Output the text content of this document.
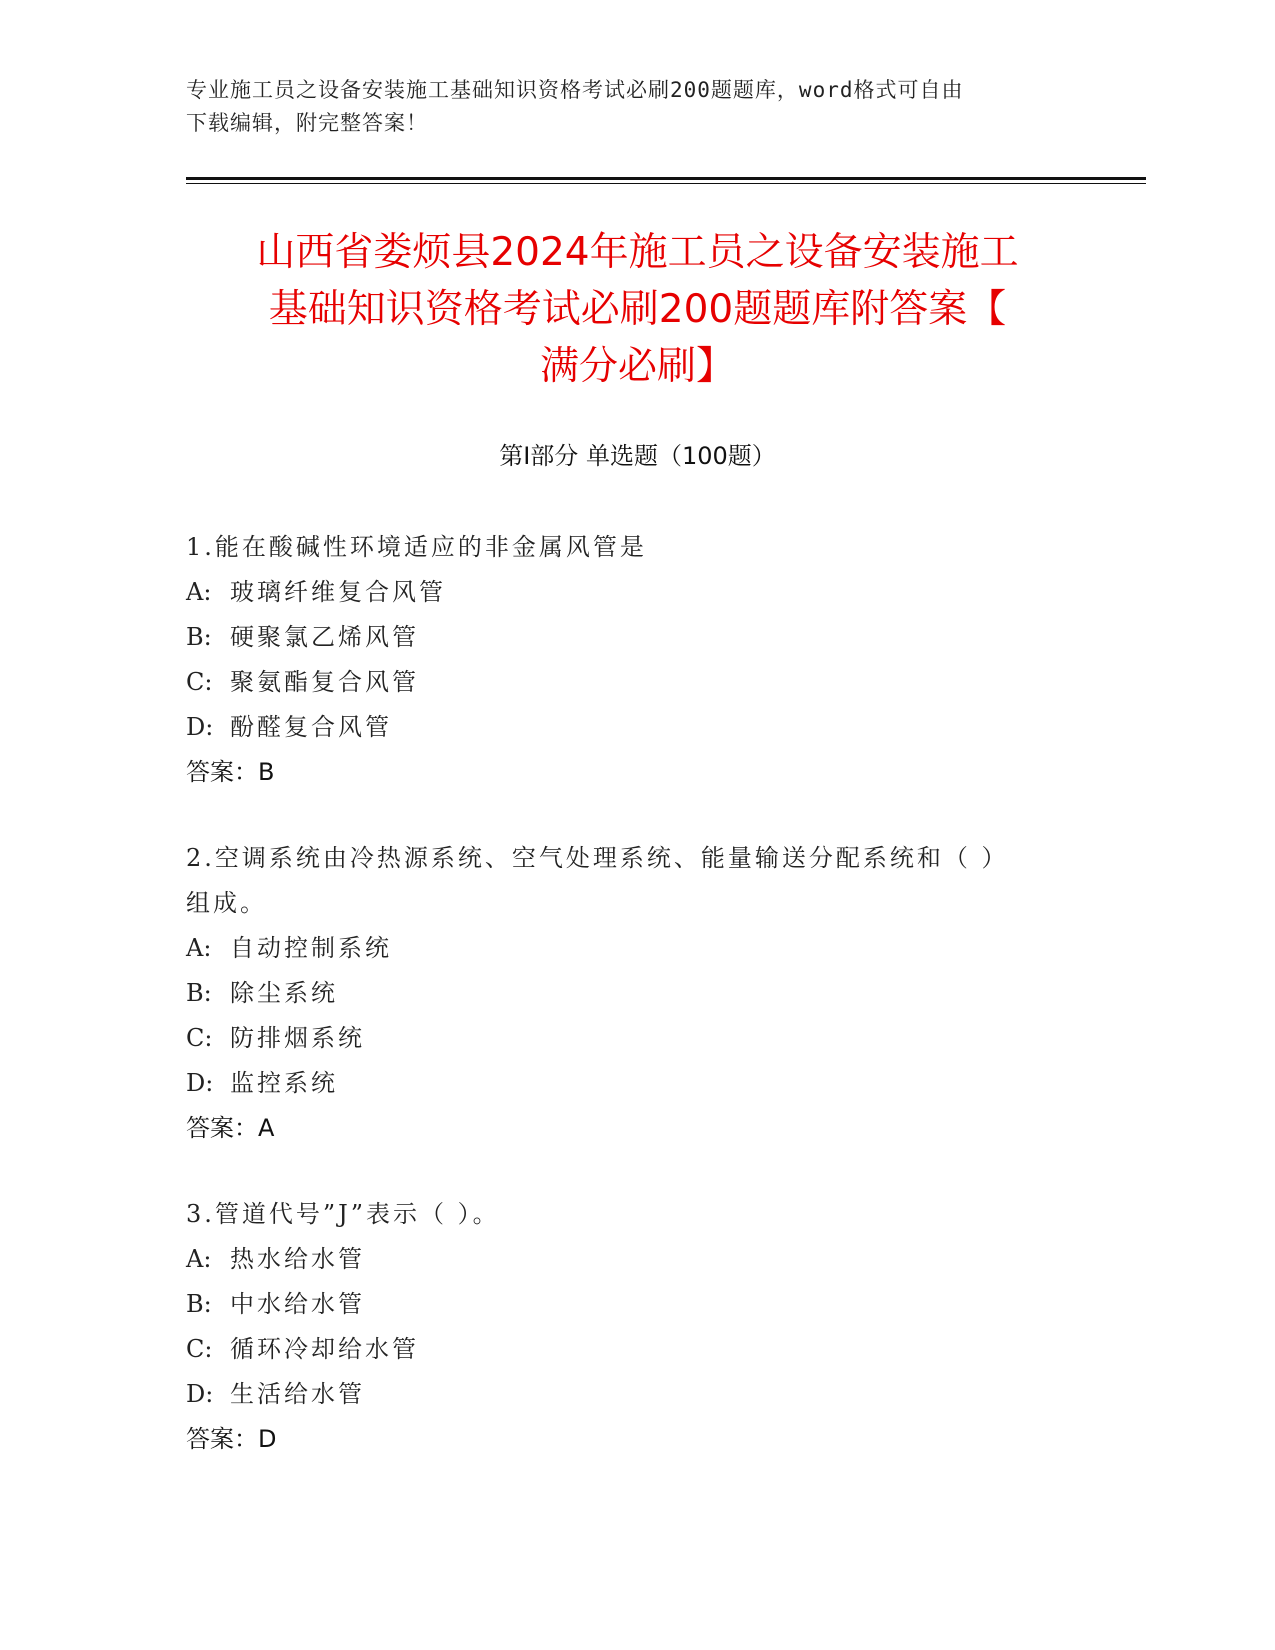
专业施工员之设备安装施工基础知识资格考试必刷200题题库，word格式可自由
下载编辑，附完整答案！
山西省娄烦县2024年施工员之设备安装施工
基础知识资格考试必刷200题题库附答案【
满分必刷】
第Ⅰ部分 单选题（100题）
1.能在酸碱性环境适应的非金属风管是
A: 玻璃纤维复合风管
B: 硬聚氯乙烯风管
C: 聚氨酯复合风管
D: 酚醛复合风管
答案：B
2.空调系统由冷热源系统、空气处理系统、能量输送分配系统和（ ）
组成。
A: 自动控制系统
B: 除尘系统
C: 防排烟系统
D: 监控系统
答案：A
3.管道代号”J”表示（ ）。
A: 热水给水管
B: 中水给水管
C: 循环冷却给水管
D: 生活给水管
答案：D
